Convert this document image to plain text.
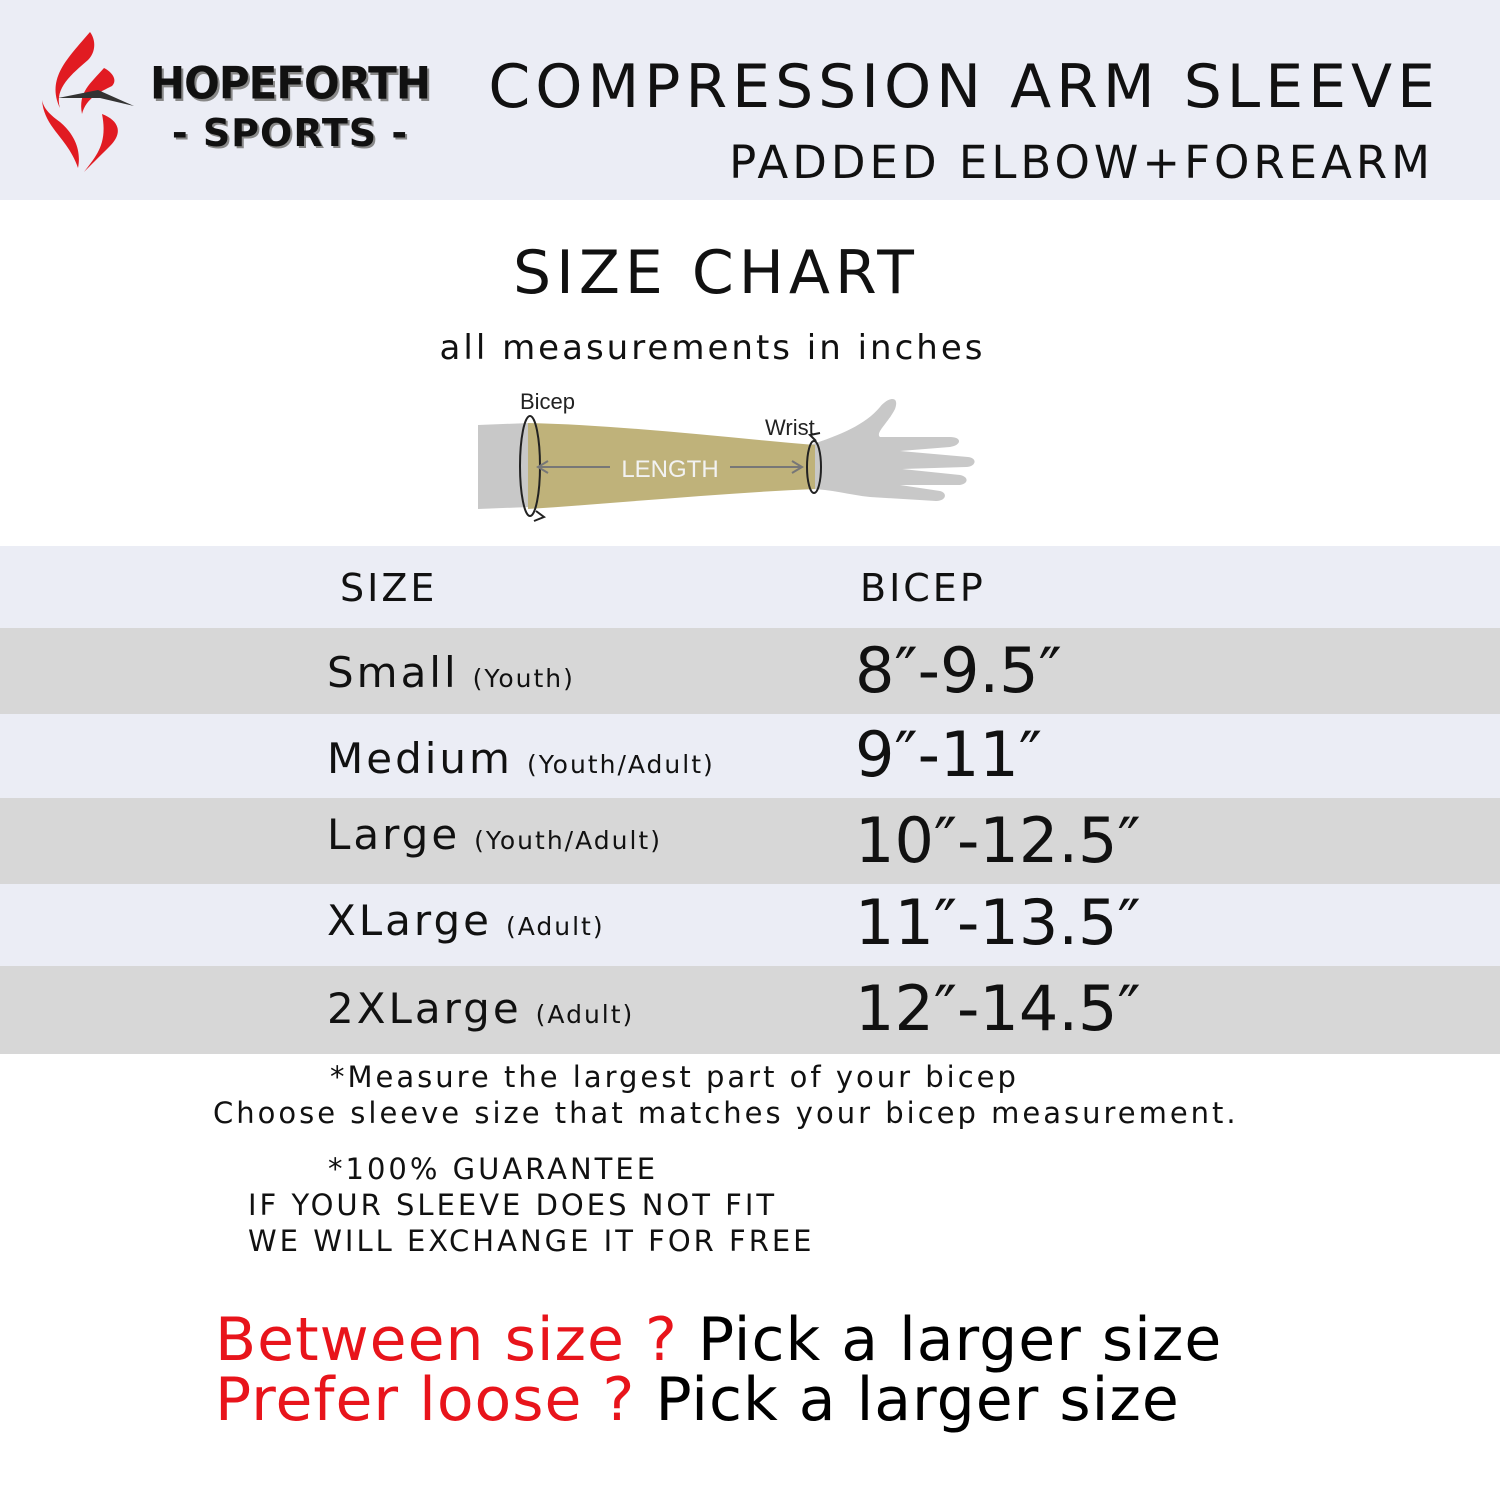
HOPEFORTH
- SPORTS -
COMPRESSION ARM SLEEVE
PADDED ELBOW+FOREARM
SIZE CHART
all measurements in inches
LENGTH
Bicep
Wrist
SIZE	BICEP
Small (Youth)	8″-9.5″
Medium (Youth/Adult) 9″-11″
Large (Youth/Adult)	10″-12.5″
XLarge (Adult)	11″-13.5″
2XLarge (Adult)	12″-14.5″
*Measure the largest part of your bicep
Choose sleeve size that matches your bicep measurement.
*100% GUARANTEE
IF YOUR SLEEVE DOES NOT FIT
WE WILL EXCHANGE IT FOR FREE
Between size ? Pick a larger size
Prefer loose ? Pick a larger size
